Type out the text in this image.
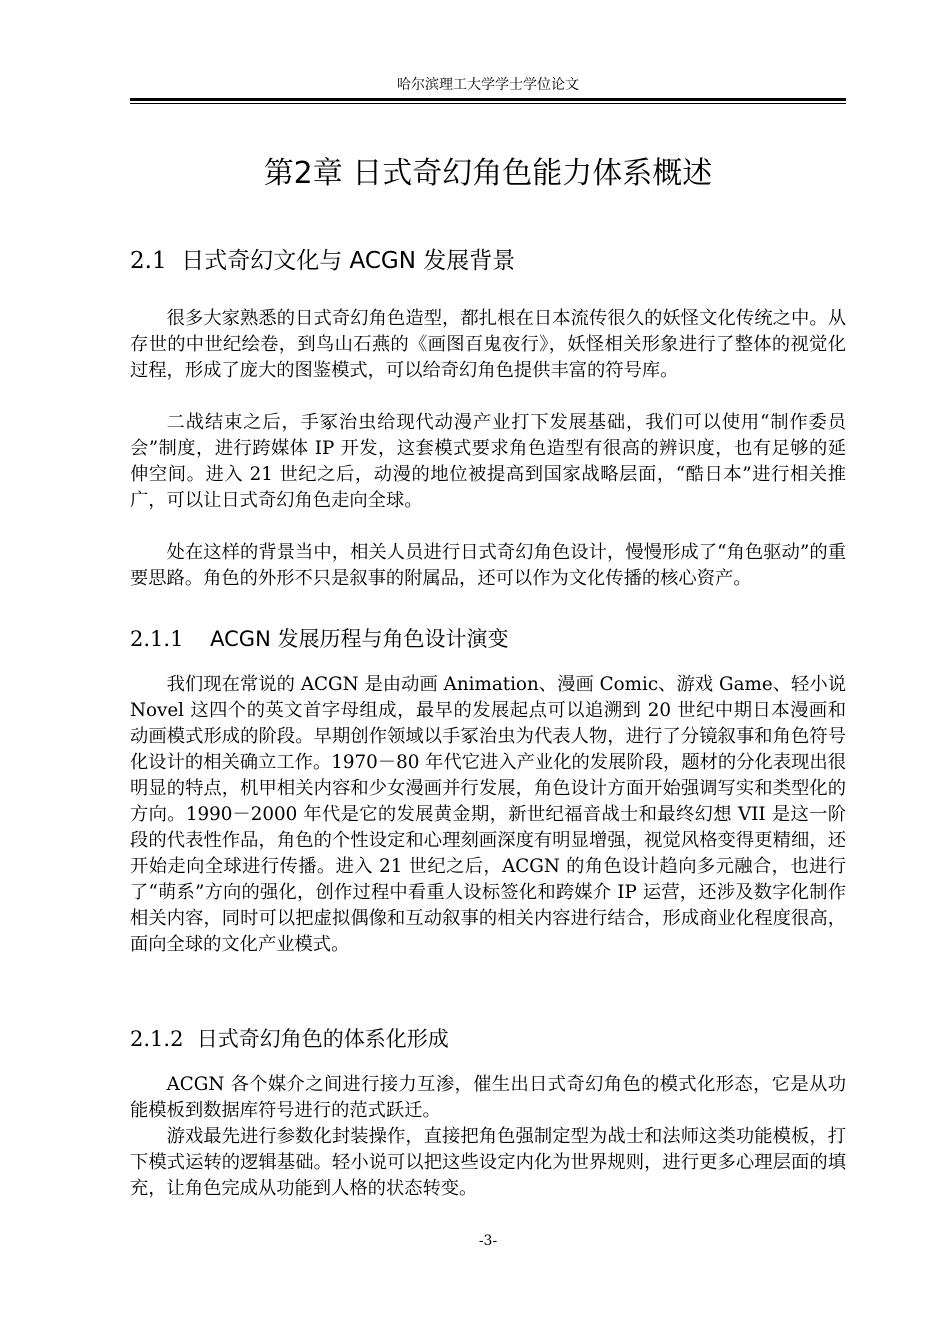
哈尔滨理工大学学士学位论文
第2章 日式奇幻角色能力体系概述
2.1 日式奇幻文化与 ACGN 发展背景

很多大家熟悉的日式奇幻角色造型，都扎根在日本流传很久的妖怪文化传统之中。从存世的中世纪绘卷，到鸟山石燕的《画图百鬼夜行》，妖怪相关形象进行了整体的视觉化过程，形成了庞大的图鉴模式，可以给奇幻角色提供丰富的符号库。

二战结束之后，手冢治虫给现代动漫产业打下发展基础，我们可以使用“制作委员会”制度，进行跨媒体 IP 开发，这套模式要求角色造型有很高的辨识度，也有足够的延伸空间。进入 21 世纪之后，动漫的地位被提高到国家战略层面，“酷日本”进行相关推广，可以让日式奇幻角色走向全球。

处在这样的背景当中，相关人员进行日式奇幻角色设计，慢慢形成了“角色驱动”的重要思路。角色的外形不只是叙事的附属品，还可以作为文化传播的核心资产。

2.1.1 ACGN 发展历程与角色设计演变

我们现在常说的 ACGN 是由动画 Animation、漫画 Comic、游戏 Game、轻小说 Novel 这四个的英文首字母组成，最早的发展起点可以追溯到 20 世纪中期日本漫画和动画模式形成的阶段。早期创作领域以手冢治虫为代表人物，进行了分镜叙事和角色符号化设计的相关确立工作。1970－80 年代它进入产业化的发展阶段，题材的分化表现出很明显的特点，机甲相关内容和少女漫画并行发展，角色设计方面开始强调写实和类型化的方向。1990－2000 年代是它的发展黄金期，新世纪福音战士和最终幻想 VII 是这一阶段的代表性作品，角色的个性设定和心理刻画深度有明显增强，视觉风格变得更精细，还开始走向全球进行传播。进入 21 世纪之后，ACGN 的角色设计趋向多元融合，也进行了“萌系”方向的强化，创作过程中看重人设标签化和跨媒介 IP 运营，还涉及数字化制作相关内容，同时可以把虚拟偶像和互动叙事的相关内容进行结合，形成商业化程度很高，面向全球的文化产业模式。

2.1.2 日式奇幻角色的体系化形成

ACGN 各个媒介之间进行接力互渗，催生出日式奇幻角色的模式化形态，它是从功能模板到数据库符号进行的范式跃迁。

游戏最先进行参数化封装操作，直接把角色强制定型为战士和法师这类功能模板，打下模式运转的逻辑基础。轻小说可以把这些设定内化为世界规则，进行更多心理层面的填充，让角色完成从功能到人格的状态转变。

-3-
